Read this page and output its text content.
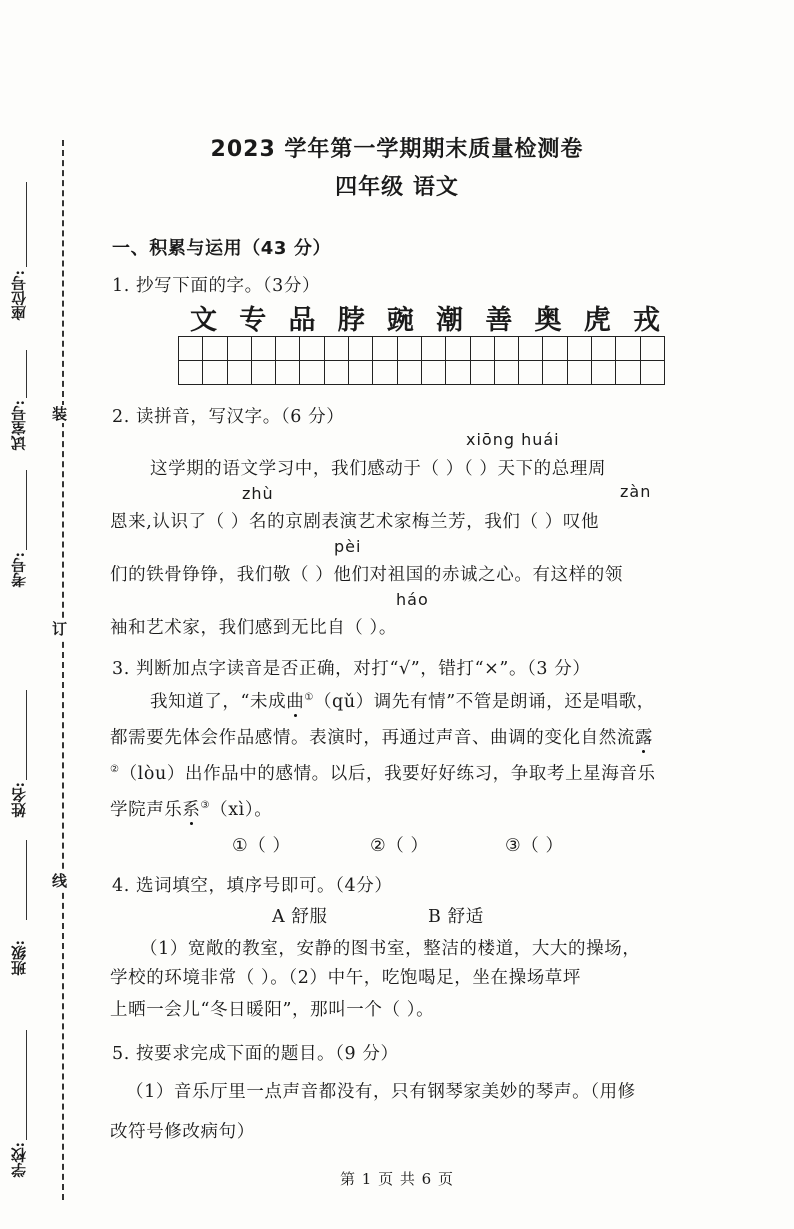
装
订
线
座位号:
试室号:
考号:
姓名:
班级:
学校:
2023 学年第一学期期末质量检测卷
四年级 语文
一、积累与运用（43 分）
1. 抄写下面的字。（3分）
文 专 品 脖 豌 潮 善 奥 虎 戎
2. 读拼音，写汉字。（6 分）
xiōng huái
这学期的语文学习中，我们感动于（ ）（ ）天下的总理周
zhù	zàn
恩来,认识了（ ）名的京剧表演艺术家梅兰芳，我们（ ）叹他
pèi
们的铁骨铮铮，我们敬（ ）他们对祖国的赤诚之心。有这样的领
háo
袖和艺术家，我们感到无比自（ ）。
3. 判断加点字读音是否正确，对打“√”，错打“×”。（3 分）
我知道了，“未成曲①（qǔ）调先有情”不管是朗诵，还是唱歌，
都需要先体会作品感情。表演时，再通过声音、曲调的变化自然流露
②（lòu）出作品中的感情。以后，我要好好练习，争取考上星海音乐
学院声乐系③（xì）。
①（ ）	②（ ）	③（ ）
4. 选词填空，填序号即可。（4分）
A 舒服	B 舒适
（1）宽敞的教室，安静的图书室，整洁的楼道，大大的操场，
学校的环境非常（ ）。（2）中午，吃饱喝足，坐在操场草坪
上晒一会儿“冬日暖阳”，那叫一个（ ）。
5. 按要求完成下面的题目。（9 分）
（1）音乐厅里一点声音都没有，只有钢琴家美妙的琴声。（用修
改符号修改病句）
第 1 页 共 6 页
